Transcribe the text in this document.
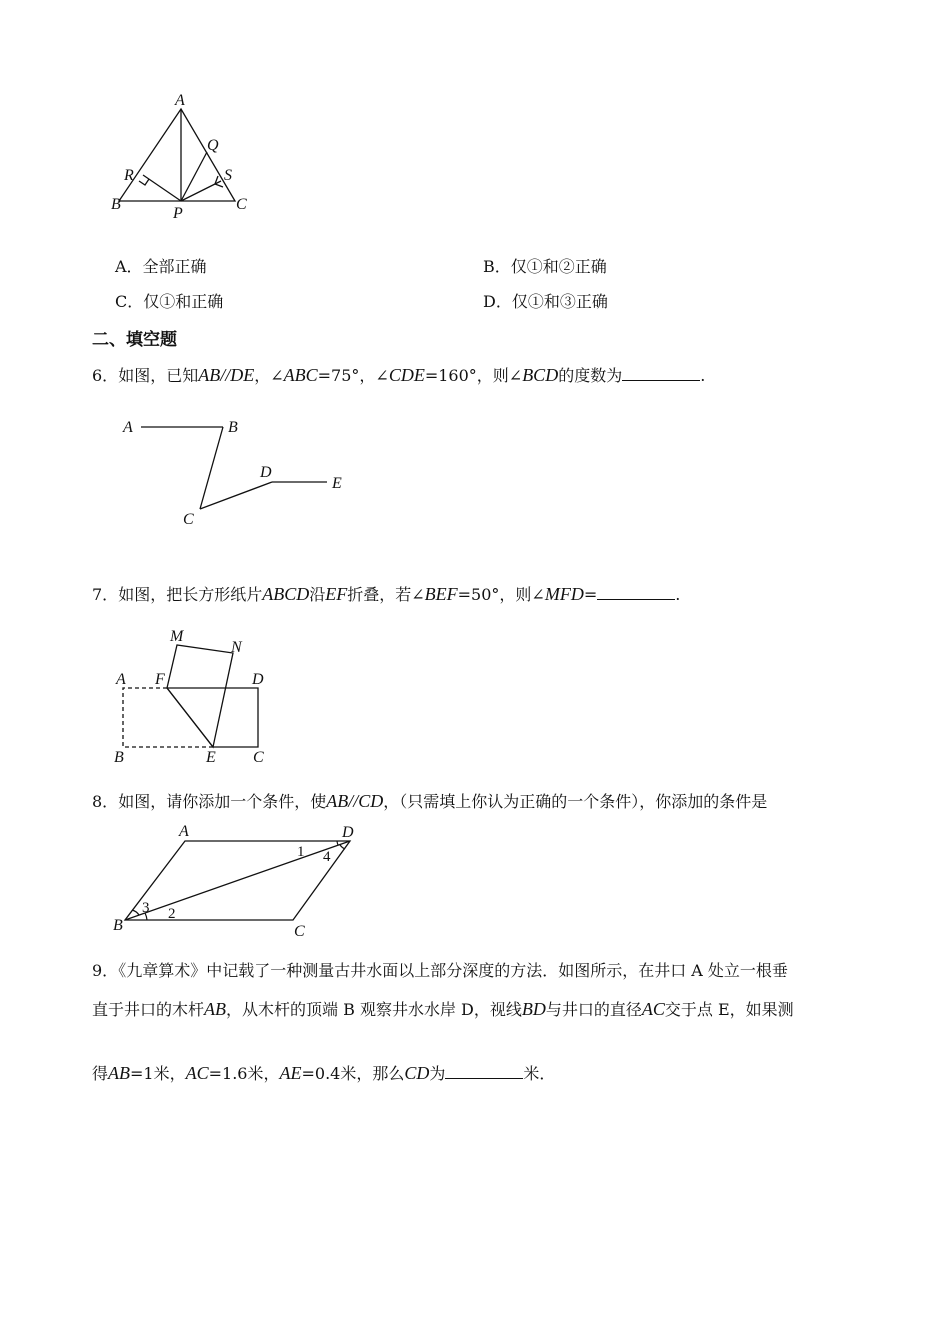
A
Q
R	S
B
P
C
A．全部正确	B．仅①和②正确
C．仅①和正确	D．仅①和③正确
二、填空题
6．如图，已知AB//DE，∠ABC=75°，∠CDE=160°，则∠BCD的度数为	.
A	B
D
E
C
7．如图，把长方形纸片ABCD沿EF折叠，若∠BEF=50°，则∠MFD=	.
M
N
A F	D
B	E C
8．如图，请你添加一个条件，使AB//CD，（只需填上你认为正确的一个条件），你添加的条件是
A	D
1 4
3 2
B	C
9．《九章算术》中记载了一种测量古井水面以上部分深度的方法．如图所示，在井口 A 处立一根垂
直于井口的木杆AB，从木杆的顶端 B 观察井水水岸 D，视线BD与井口的直径AC交于点 E，如果测
得AB=1米，AC=1.6米，AE=0.4米，那么CD为	米．
